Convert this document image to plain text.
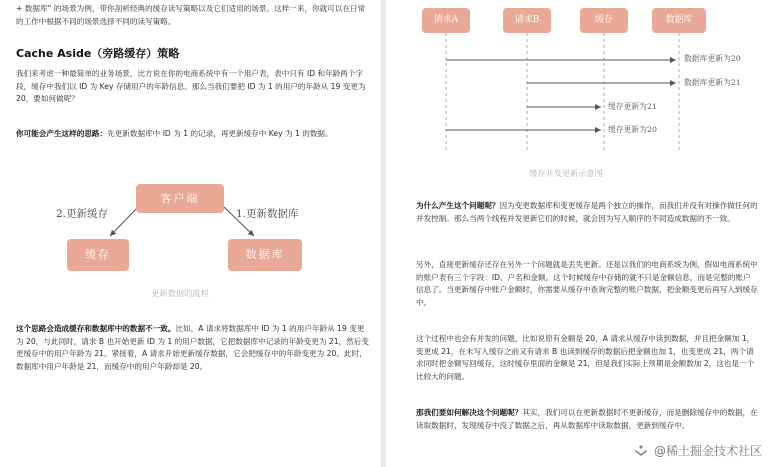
+ 数据库” 的场景为例，带你剖析经典的缓存读写策略以及它们适用的场景。这样一来，你就可以在日常的工作中根据不同的场景选择不同的读写策略。

Cache Aside（旁路缓存）策略

我们来考虑一种最简单的业务场景，比方说在你的电商系统中有一个用户表，表中只有 ID 和年龄两个字段，缓存中我们以 ID 为 Key 存储用户的年龄信息。那么当我们要把 ID 为 1 的用户的年龄从 19 变更为 20，要如何做呢？

你可能会产生这样的思路：先更新数据库中 ID 为 1 的记录，再更新缓存中 Key 为 1 的数据。

客户端
缓存	数据库
2.更新缓存	1.更新数据库
更新数据的流程

这个思路会造成缓存和数据库中的数据不一致。比如，A 请求将数据库中 ID 为 1 的用户年龄从 19 变更为 20，与此同时，请求 B 也开始更新 ID 为 1 的用户数据，它把数据库中记录的年龄变更为 21，然后变更缓存中的用户年龄为 21。紧接着，A 请求开始更新缓存数据，它会把缓存中的年龄变更为 20。此时，数据库中用户年龄是 21，而缓存中的用户年龄却是 20。

请求A	请求B	缓存	数据库
数据库更新为20
数据库更新为21
缓存更新为21
缓存更新为20
缓存并发更新示意图

为什么产生这个问题呢？因为变更数据库和变更缓存是两个独立的操作，而我们并没有对操作做任何的并发控制。那么当两个线程并发更新它们的时候，就会因为写入顺序的不同造成数据的不一致。

另外，直接更新缓存还存在另外一个问题就是丢失更新。还是以我们的电商系统为例，假如电商系统中的账户表有三个字段：ID、户名和金额，这个时候缓存中存储的就不只是金额信息，而是完整的账户信息了。当更新缓存中账户金额时，你需要从缓存中查询完整的账户数据，把金额变更后再写入到缓存中。

这个过程中也会有并发的问题，比如说原有金额是 20，A 请求从缓存中读到数据，并且把金额加 1，变更成 21，在未写入缓存之前又有请求 B 也读到缓存的数据后把金额也加 1，也变更成 21，两个请求同时把金额写回缓存，这时缓存里面的金额是 21，但是我们实际上预期是金额数加 2，这也是一个比较大的问题。

那我们要如何解决这个问题呢？其实，我们可以在更新数据时不更新缓存，而是删除缓存中的数据，在读取数据时，发现缓存中没了数据之后，再从数据库中读取数据，更新到缓存中。

@稀土掘金技术社区
